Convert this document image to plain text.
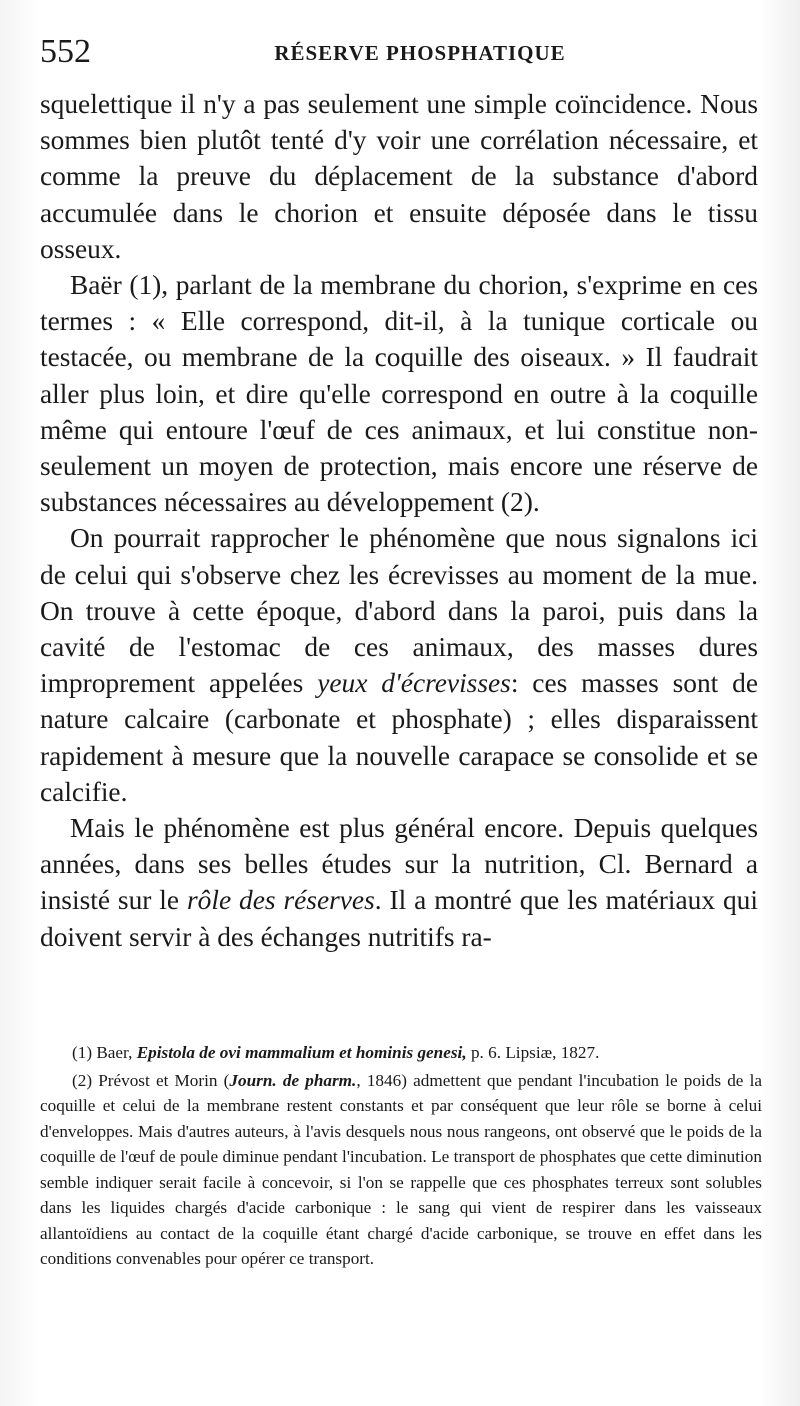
552	RÉSERVE PHOSPHATIQUE

squelettique il n'y a pas seulement une simple coïncidence. Nous sommes bien plutôt tenté d'y voir une corrélation nécessaire, et comme la preuve du déplacement de la substance d'abord accumulée dans le chorion et ensuite déposée dans le tissu osseux.

Baër (1), parlant de la membrane du chorion, s'exprime en ces termes : « Elle correspond, dit-il, à la tunique corticale ou testacée, ou membrane de la coquille des oiseaux. » Il faudrait aller plus loin, et dire qu'elle correspond en outre à la coquille même qui entoure l'œuf de ces animaux, et lui constitue non-seulement un moyen de protection, mais encore une réserve de substances nécessaires au développement (2).

On pourrait rapprocher le phénomène que nous signalons ici de celui qui s'observe chez les écrevisses au moment de la mue. On trouve à cette époque, d'abord dans la paroi, puis dans la cavité de l'estomac de ces animaux, des masses dures improprement appelées yeux d'écrevisses: ces masses sont de nature calcaire (carbonate et phosphate) ; elles disparaissent rapidement à mesure que la nouvelle carapace se consolide et se calcifie.

Mais le phénomène est plus général encore. Depuis quelques années, dans ses belles études sur la nutrition, Cl. Bernard a insisté sur le rôle des réserves. Il a montré que les matériaux qui doivent servir à des échanges nutritifs ra-

(1) Baer, Epistola de ovi mammalium et hominis genesi, p. 6. Lipsiæ, 1827.

(2) Prévost et Morin (Journ. de pharm., 1846) admettent que pendant l'incubation le poids de la coquille et celui de la membrane restent constants et par conséquent que leur rôle se borne à celui d'enveloppes. Mais d'autres auteurs, à l'avis desquels nous nous rangeons, ont observé que le poids de la coquille de l'œuf de poule diminue pendant l'incubation. Le transport de phosphates que cette diminution semble indiquer serait facile à concevoir, si l'on se rappelle que ces phosphates terreux sont solubles dans les liquides chargés d'acide carbonique : le sang qui vient de respirer dans les vaisseaux allantoïdiens au contact de la coquille étant chargé d'acide carbonique, se trouve en effet dans les conditions convenables pour opérer ce transport.
